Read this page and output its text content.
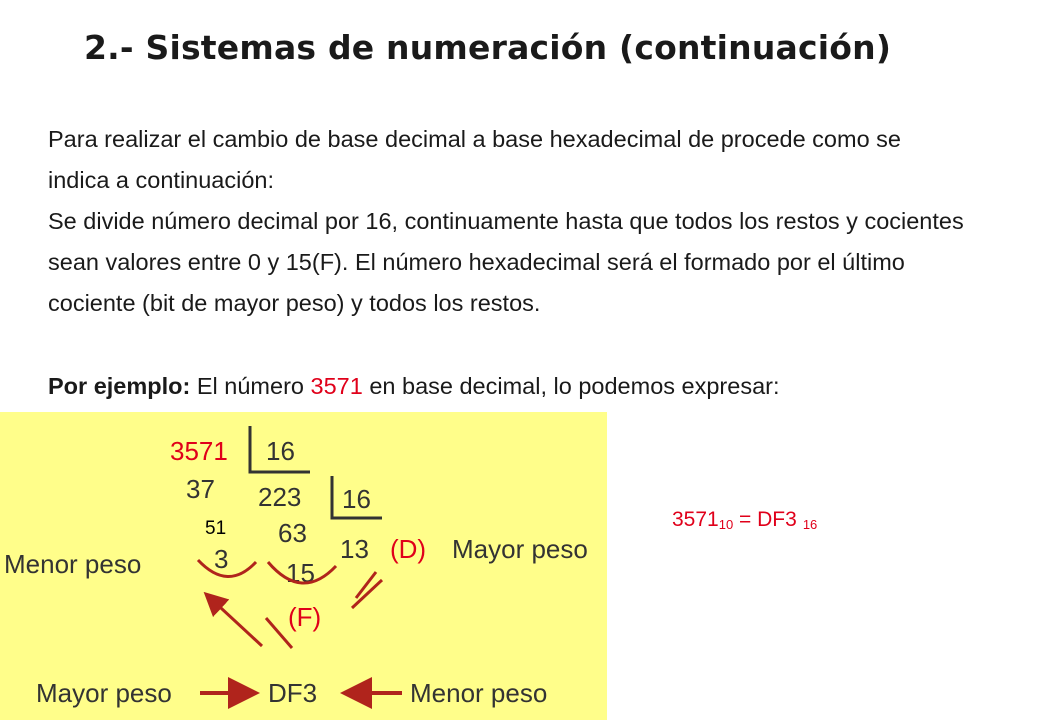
2.- Sistemas de numeración (continuación)
Para realizar el cambio de base decimal a base hexadecimal de procede como se indica a continuación:
Se divide número decimal por 16, continuamente hasta que todos los restos y cocientes sean valores entre 0 y 15(F). El número hexadecimal será el formado por el último cociente (bit de mayor peso) y todos los restos.
Por ejemplo: El número 3571 en base decimal, lo podemos expresar:
3571 16
37 223 16
51 63
3	13
15
(D)
(F)
Menor peso	Mayor peso
Mayor peso	DF3	Menor peso
$3571_{10} = DF3$ 16
